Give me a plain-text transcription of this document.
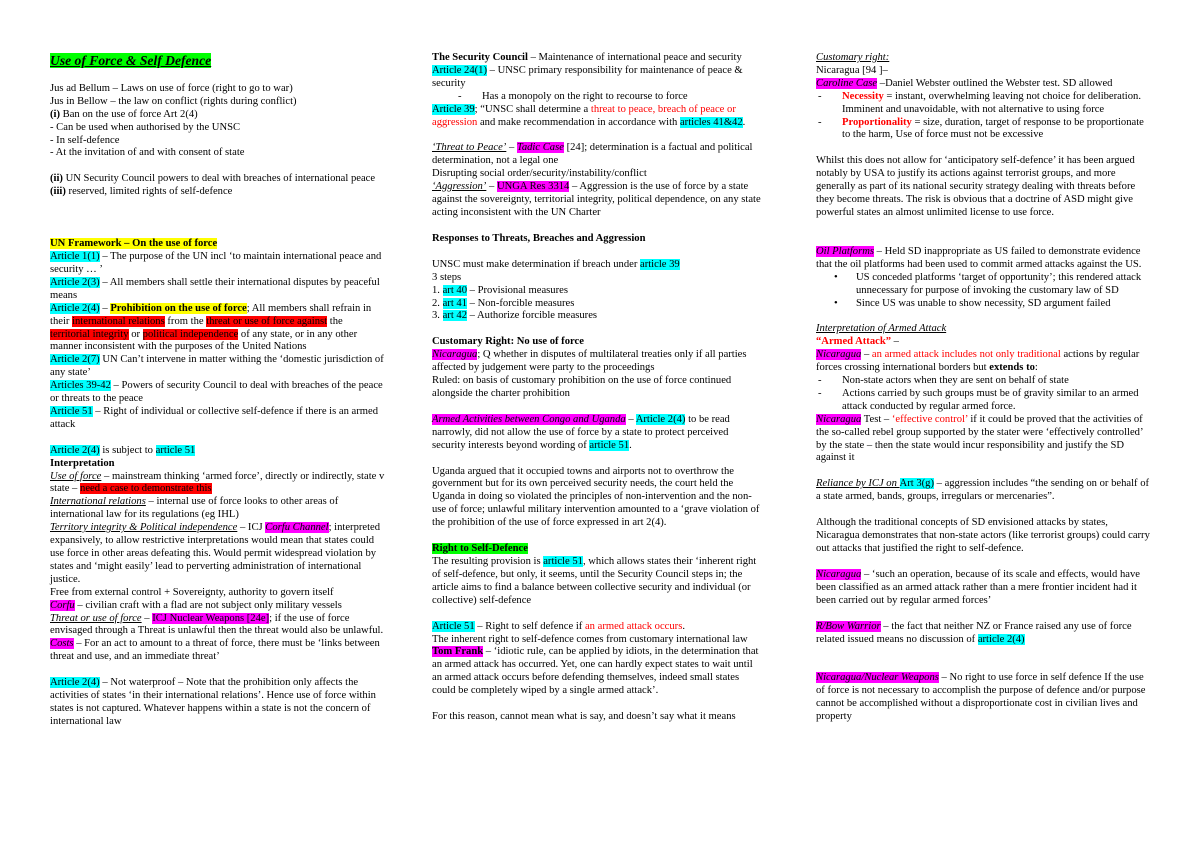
Use of Force & Self Defence
Jus ad Bellum – Laws on use of force (right to go to war)
Jus in Bellow – the law on conflict (rights during conflict)
(i) Ban on the use of force Art 2(4)
- Can be used when authorised by the UNSC
- In self-defence
- At the invitation of and with consent of state
(ii) UN Security Council powers to deal with breaches of international peace
(iii) reserved, limited rights of self-defence
UN Framework – On the use of force
Article 1(1) – The purpose of the UN incl ‘to maintain international peace and security … ’
Article 2(3) – All members shall settle their international disputes by peaceful means
Article 2(4) – Prohibition on the use of force; All members shall refrain in their international relations from the threat or use of force against the territorial integrity or political independence of any state, or in any other manner inconsistent with the purposes of the United Nations
Article 2(7) UN Can’t intervene in matter withing the ‘domestic jurisdiction of any state’
Articles 39-42 – Powers of security Council to deal with breaches of the peace or threats to the peace
Article 51 – Right of individual or collective self-defence if there is an armed attack
Article 2(4) is subject to article 51
Interpretation
Use of force – mainstream thinking ‘armed force’, directly or indirectly, state v state – need a case to demonstrate this
International relations – internal use of force looks to other areas of international law for its regulations (eg IHL)
Territory integrity & Political independence – ICJ Corfu Channel; interpreted expansively, to allow restrictive interpretations would mean that states could use force in other areas defeating this. Would permit widespread violation by states and ‘might easily’ lead to perverting administration of international justice.
Free from external control + Sovereignty, authority to govern itself
Corfu – civilian craft with a flad are not subject only military vessels
Threat or use of force – ICJ Nuclear Weapons [24e]; if the use of force envisaged through a Threat is unlawful then the threat would also be unlawful.
Costs – For an act to amount to a threat of force, there must be ‘links between threat and use, and an immediate threat’
Article 2(4) – Not waterproof – Note that the prohibition only affects the activities of states ‘in their international relations’. Hence use of force within states is not captured. Whatever happens within a state is not the concern of international law
The Security Council – Maintenance of international peace and security
Article 24(1) – UNSC primary responsibility for maintenance of peace & security
-	Has a monopoly on the right to recourse to force
Article 39; “UNSC shall determine a threat to peace, breach of peace or aggression and make recommendation in accordance with articles 41&42.
‘Threat to Peace’ – Tadic Case [24]; determination is a factual and political determination, not a legal one
Disrupting social order/security/instability/conflict
‘Aggression’ – UNGA Res 3314 – Aggression is the use of force by a state against the sovereignty, territorial integrity, political dependence, on any state acting inconsistent with the UN Charter
Responses to Threats, Breaches and Aggression
UNSC must make determination if breach under article 39
3 steps
1. art 40 – Provisional measures
2. art 41 – Non-forcible measures
3. art 42 – Authorize forcible measures
Customary Right: No use of force
Nicaragua; Q whether in disputes of multilateral treaties only if all parties affected by judgement were party to the proceedings
Ruled: on basis of customary prohibition on the use of force continued alongside the charter prohibition
Armed Activities between Congo and Uganda – Article 2(4) to be read narrowly, did not allow the use of force by a state to protect perceived security interests beyond wording of article 51.
Uganda argued that it occupied towns and airports not to overthrow the government but for its own perceived security needs, the court held the Uganda in doing so violated the principles of non-intervention and the non-use of force; unlawful military intervention amounted to a ‘grave violation of the prohibition of the use of force expressed in art 2(4).
Right to Self-Defence
The resulting provision is article 51, which allows states their ‘inherent right of self-defence, but only, it seems, until the Security Council steps in; the article aims to find a balance between collective security and individual (or collective) self-defence
Article 51 – Right to self defence if an armed attack occurs.
The inherent right to self-defence comes from customary international law
Tom Frank – ‘idiotic rule, can be applied by idiots, in the determination that an armed attack has occurred. Yet, one can hardly expect states to wait until an armed attack occurs before defending themselves, indeed small states could be completely wiped by a single armed attack’.
For this reason, cannot mean what is say, and doesn’t say what it means
Customary right:
Nicaragua [94 ]–
Caroline Case –Daniel Webster outlined the Webster test. SD allowed
-	Necessity = instant, overwhelming leaving not choice for deliberation. Imminent and unavoidable, with not alternative to using force
-	Proportionality = size, duration, target of response to be proportionate to the harm, Use of force must not be excessive
Whilst this does not allow for ‘anticipatory self-defence’ it has been argued notably by USA to justify its actions against terrorist groups, and more generally as part of its national security strategy dealing with threats before they become threats. The risk is obvious that a doctrine of ASD might give powerful states an almost unlimited license to use force.
Oil Platforms – Held SD inappropriate as US failed to demonstrate evidence that the oil platforms had been used to commit armed attacks against the US.
•	US conceded platforms ‘target of opportunity’; this rendered attack unnecessary for purpose of invoking the customary law of SD
•	Since US was unable to show necessity, SD argument failed
Interpretation of Armed Attack
“Armed Attack” –
Nicaragua – an armed attack includes not only traditional actions by regular forces crossing international borders but extends to:
-	Non-state actors when they are sent on behalf of state
-	Actions carried by such groups must be of gravity similar to an armed attack conducted by regular armed force.
Nicaragua Test – ‘effective control’ if it could be proved that the activities of the so-called rebel group supported by the stater were ‘effectively controlled’ by the state – then the state would incur responsibility and justify the SD against it
Reliance by ICJ on Art 3(g) – aggression includes “the sending on or behalf of a state armed, bands, groups, irregulars or mercenaries”.
Although the traditional concepts of SD envisioned attacks by states, Nicaragua demonstrates that non-state actors (like terrorist groups) could carry out attacks that justified the right to self-defence.
Nicaragua – ‘such an operation, because of its scale and effects, would have been classified as an armed attack rather than a mere frontier incident had it been carried out by regular armed forces’
R/Bow Warrior – the fact that neither NZ or France raised any use of force related issued means no discussion of article 2(4)
Nicaragua/Nuclear Weapons – No right to use force in self defence If the use of force is not necessary to accomplish the purpose of defence and/or purpose cannot be accomplished without a disproportionate cost in civilian lives and property
